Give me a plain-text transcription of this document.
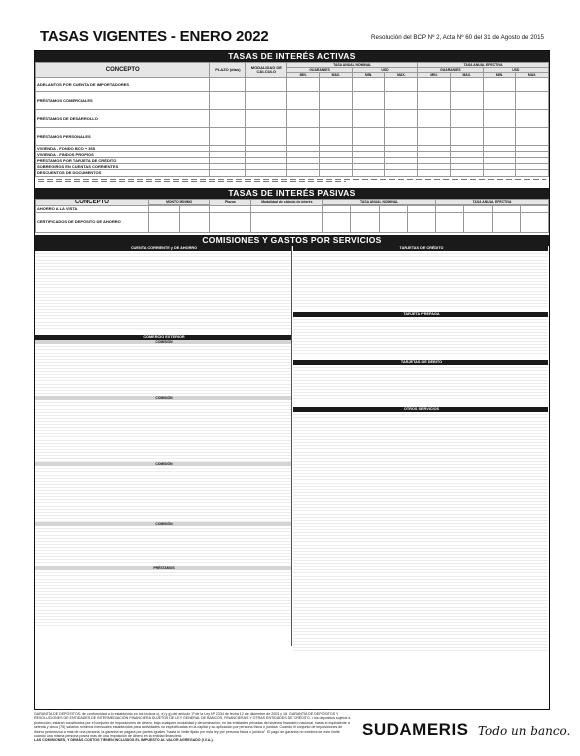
TASAS VIGENTES - ENERO 2022	Resolución del BCP Nº 2, Acta Nº 60 del 31 de Agosto de 2015
TASAS DE INTERÉS ACTIVAS
CONCEPTO	PLAZO (días)	MODALIDAD DE CÁLCULO	TASA ANUAL NOMINAL				TASA ANUAL EFECTIVA			
			GUARANIES		USD		GUARANIES		USD	
			MÍN.	MÁX.	MÍN.	MÁX.	MÍN.	MÁX.	MÍN.	MÁX.
ADELANTOS POR CUENTA DE IMPORTADORES										
PRÉSTAMOS COMERCIALES										
PRÉSTAMOS DE DESARROLLO										
PRÉSTAMOS PERSONALES										
VIVIENDA - FONDO BCO + 365										
VIVIENDA - FINDOS PROPIOS										
PRÉSTAMOS POR TARJETA DE CRÉDITO										
SOBREGIROS EN CUENTAS CORRIENTES										
DESCUENTOS DE DOCUMENTOS										
TASAS DE INTERÉS PASIVAS
CONCEPTO	MONTO MÍNIMO		Plazos	Modalidad de cálculo de interés	TASA ANUAL NOMINAL				TASA ANUAL EFECTIVA			

AHORRO A LA VISTA												
CERTIFICADOS DE DEPÓSITO DE AHORRO												
COMISIONES Y GASTOS POR SERVICIOS
CUENTA CORRIENTE y DE AHORRO
COMERCIO EXTERIOR
COMISIÓN
COMISIÓN
COMISIÓN
COMISIÓN
PRÉSTAMOS
TARJETAS DE CRÉDITO
TARJETA PREPAGA
TARJETAS DE DÉBITO
OTROS SERVICIOS
GARANTÍA DE DEPÓSITOS: de conformidad a lo establecido en los incisos c), e) y g) del artículo 1º de la Ley Nº 2334 de fecha 12 de diciembre de 2003 y 18. GARANTÍA DE DEPÓSITOS Y RESOLUCIONES DE ENTIDADES DE INTERMEDIACIÓN FINANCIERA SUJETOS DE LEY GENERAL DE BANCOS, FINANCIERAS Y OTRAS ENTIDADES DE CRÉDITO. • los depósitos sujetos a protección; estarán constituidos por el conjunto de imposiciones de dinero, bajo cualquier modalidad y denominación, en las entidades privadas del sistema financiero nacional, hasta el equivalente a setenta y cinco (75) salarios mínimos mensuales establecidos para actividades no especificadas en la capital y su aplicación por persona física o jurídica. Cuando el conjunto de imposiciones de dinero pertenezca a más de una persona, la garantía se pagará por partes iguales "hasta el límite fijado por esta ley por persona física o jurídica". El pago de garantía no exedera de este límite cuando una misma persona posea más de una imposición de dinero en la entidad financiera.
LAS COMISIONES, Y DEMÁS COSTOS TIENEN INCLUIDOS EL IMPUESTO AL VALOR AGREGADO (I.V.A.).
SUDAMERIS Todo un banco.
